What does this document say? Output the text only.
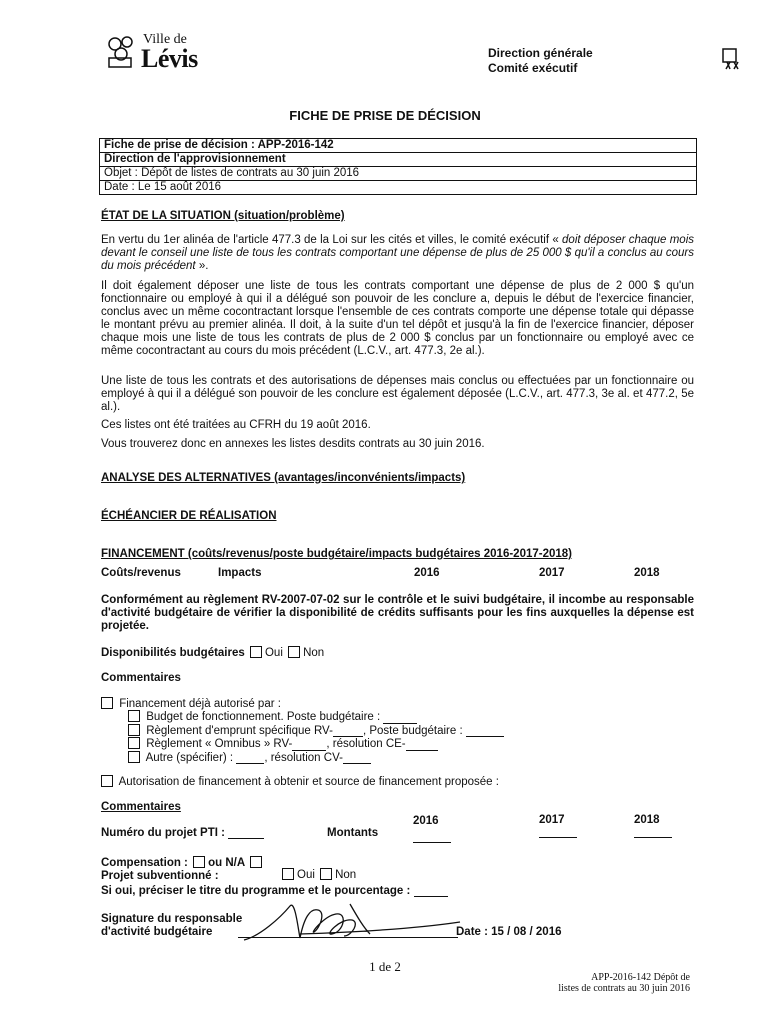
Ville de
Lévis	Direction générale
Comité exécutif
FICHE DE PRISE DE DÉCISION
Fiche de prise de décision : APP-2016-142
Direction de l'approvisionnement
Objet : Dépôt de listes de contrats au 30 juin 2016
Date : Le 15 août 2016
ÉTAT DE LA SITUATION (situation/problème)
En vertu du 1er alinéa de l'article 477.3 de la Loi sur les cités et villes, le comité exécutif « doit déposer chaque mois devant le conseil une liste de tous les contrats comportant une dépense de plus de 25 000 $ qu'il a conclus au cours du mois précédent ».
Il doit également déposer une liste de tous les contrats comportant une dépense de plus de 2 000 $ qu'un fonctionnaire ou employé à qui il a délégué son pouvoir de les conclure a, depuis le début de l'exercice financier, conclus avec un même cocontractant lorsque l'ensemble de ces contrats comporte une dépense totale qui dépasse le montant prévu au premier alinéa. Il doit, à la suite d'un tel dépôt et jusqu'à la fin de l'exercice financier, déposer chaque mois une liste de tous les contrats de plus de 2 000 $ conclus par un fonctionnaire ou employé avec ce même cocontractant au cours du mois précédent (L.C.V., art. 477.3, 2e al.).
Une liste de tous les contrats et des autorisations de dépenses mais conclus ou effectuées par un fonctionnaire ou employé à qui il a délégué son pouvoir de les conclure est également déposée (L.C.V., art. 477.3, 3e al. et 477.2, 5e al.).
Ces listes ont été traitées au CFRH du 19 août 2016.
Vous trouverez donc en annexes les listes desdits contrats au 30 juin 2016.
ANALYSE DES ALTERNATIVES (avantages/inconvénients/impacts)
ÉCHÉANCIER DE RÉALISATION
FINANCEMENT (coûts/revenus/poste budgétaire/impacts budgétaires 2016-2017-2018)
Coûts/revenus	Impacts	2016	2017	2018
Conformément au règlement RV-2007-07-02 sur le contrôle et le suivi budgétaire, il incombe au responsable d'activité budgétaire de vérifier la disponibilité de crédits suffisants pour les fins auxquelles la dépense est projetée.
Disponibilités budgétaires Oui Non
Commentaires
Financement déjà autorisé par :
Budget de fonctionnement. Poste budgétaire :
Règlement d'emprunt spécifique RV-	, Poste budgétaire :
Règlement « Omnibus » RV-	, résolution CE-
Autre (spécifier) :	, résolution CV-
Autorisation de financement à obtenir et source de financement proposée :
Commentaires
2016	2017	2018
Numéro du projet PTI :	Montants
Compensation : ou N/A
Projet subventionné :	Oui Non
Si oui, préciser le titre du programme et le pourcentage :
Signature du responsable
d'activité budgétaire	Date : 15 / 08 / 2016
1 de 2
APP-2016-142 Dépôt de
listes de contrats au 30 juin 2016
